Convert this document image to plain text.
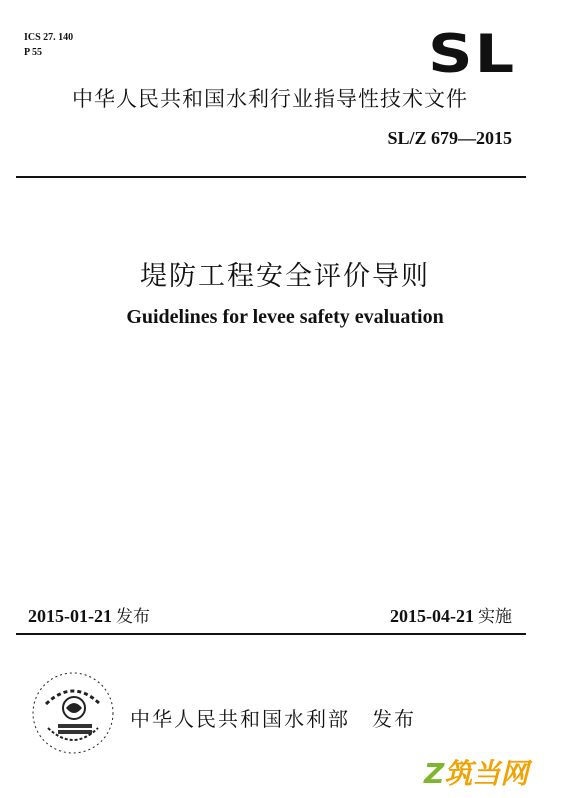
ICS 27. 140
P 55	SL
中华人民共和国水利行业指导性技术文件
SL/Z 679—2015
堤防工程安全评价导则
Guidelines for levee safety evaluation
2015-01-21 发布	2015-04-21 实施
中华人民共和国水利部 发布
Z筑当网
